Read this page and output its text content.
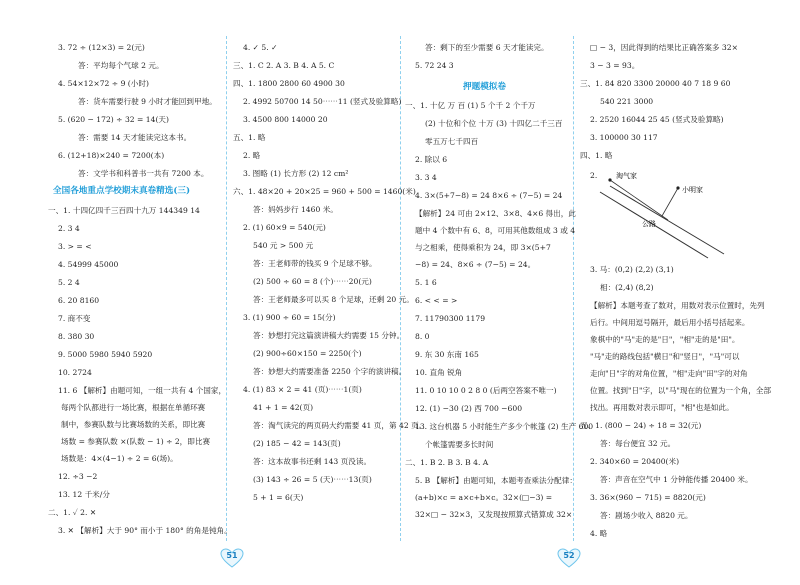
3. 72 ÷ (12×3) = 2(元)
答：平均每个气球 2 元。
4. 54×12×72 ÷ 9 (小时)
答：货车需要行驶 9 小时才能回到甲地。
5. (620 − 172) ÷ 32 = 14(天)
答：需要 14 天才能读完这本书。
6. (12+18)×240 = 7200(本)
答：文学书和科普书一共有 7200 本。
全国各地重点学校期末真卷精选(三)
一、1. 十四亿四千三百四十九万 144349 14
2. 3 4
3. > = <
4. 54999 45000
5. 2 4
6. 20 8160
7. 商不变
8. 380 30
9. 5000 5980 5940 5920
10. 2724
11. 6 【解析】由题可知，一组一共有 4 个国家，
每两个队都进行一场比赛，根据在单循环赛
制中，参赛队数与比赛场数的关系，即比赛
场数 = 参赛队数 ×(队数 − 1) ÷ 2，即比赛
场数是：4×(4−1) ÷ 2 = 6(场)。
12. ÷3 −2
13. 12 千米/分
二、1. ✓ 2. ✕
3. ✕ 【解析】大于 90° 而小于 180° 的角是钝角。
4. ✓ 5. ✓
三、1. C 2. A 3. B 4. A 5. C
四、1. 1800 2800 60 4900 30
2. 4992 50700 14 50⋯⋯11 (竖式及验算略)
3. 4500 800 14000 20
五、1. 略
2. 略
3. 图略 (1) 长方形 (2) 12 cm²
六、1. 48×20 + 20×25 = 960 + 500 = 1460(米)
答：妈妈步行 1460 米。
2. (1) 60×9 = 540(元)
540 元 > 500 元
答：王老师带的钱买 9 个足球不够。
(2) 500 ÷ 60 = 8 (个)⋯⋯20(元)
答：王老师最多可以买 8 个足球，还剩 20 元。
3. (1) 900 ÷ 60 = 15(分)
答：妙想打完这篇演讲稿大约需要 15 分钟。
(2) 900÷60×150 = 2250(个)
答：妙想大约需要准备 2250 个字的演讲稿。
4. (1) 83 × 2 = 41 (页)⋯⋯1(页)
41 + 1 = 42(页)
答：淘气读完的两页码大约需要 41 页，第 42 页。
(2) 185 − 42 = 143(页)
答：这本故事书还剩 143 页没读。
(3) 143 ÷ 26 = 5 (天)⋯⋯13(页)
5 + 1 = 6(天)
答：剩下的至少需要 6 天才能读完。
5. 72 24 3
押题模拟卷
一、1. 十亿 万 百 (1) 5 个千 2 个千万
(2) 十位和个位 十万 (3) 十四亿二千三百
零五万七千四百
2. 除以 6
3. 3 4
4. 3×(5+7−8) = 24 8×6 ÷ (7−5) = 24
【解析】24 可由 2×12、3×8、4×6 得出，此
题中 4 个数中有 6、8，可用其他数组成 3 或 4
与之相乘，使得乘积为 24，即 3×(5+7
−8) = 24、8×6 ÷ (7−5) = 24。
5. 1 6
6. < < = >
7. 11790300 1179
8. 0
9. 东 30 东南 165
10. 直角 锐角
11. 0 10 10 0 2 8 0 (后两空答案不唯一)
12. (1) −30 (2) 西 700 −600
13. 这台机器 5 小时能生产多少个帐篷 (2) 生产 600
个帐篷需要多长时间
二、1. B 2. B 3. B 4. A
5. B 【解析】由题可知，本题考查乘法分配律：
(a+b)×c = a×c+b×c。32×(□−3) =
32×□ − 32×3，又发现按照算式错算成 32×
□ − 3，因此得到的结果比正确答案多 32×
3 − 3 = 93。
三、1. 84 820 3300 20000 40 7 18 9 60
540 221 3000
2. 2520 16044 25 45 (竖式及验算略)
3. 100000 30 117
四、1. 略
2.
3. 马：(0,2) (2,2) (3,1)
相：(2,4) (8,2)
【解析】本题考查了数对，用数对表示位置时，先列
后行。中间用逗号隔开，最后用小括号括起来。
象棋中的"马"走的是"日"，"相"走的是"田"。
"马"走的路线包括"横日"和"竖日"，"马"可以
走向"日"字的对角位置，"相"走向"田"字的对角
位置。找到"日"字，以"马"现在的位置为一个角，全部
找出。再用数对表示即可，"相"也是如此。
五、1. (800 − 24) ÷ 18 = 32(元)
答：每台便宜 32 元。
2. 340×60 = 20400(米)
答：声音在空气中 1 分钟能传播 20400 米。
3. 36×(960 − 715) = 8820(元)
答：剧场少收入 8820 元。
4. 略
淘气家
小明家
公路
51	52
